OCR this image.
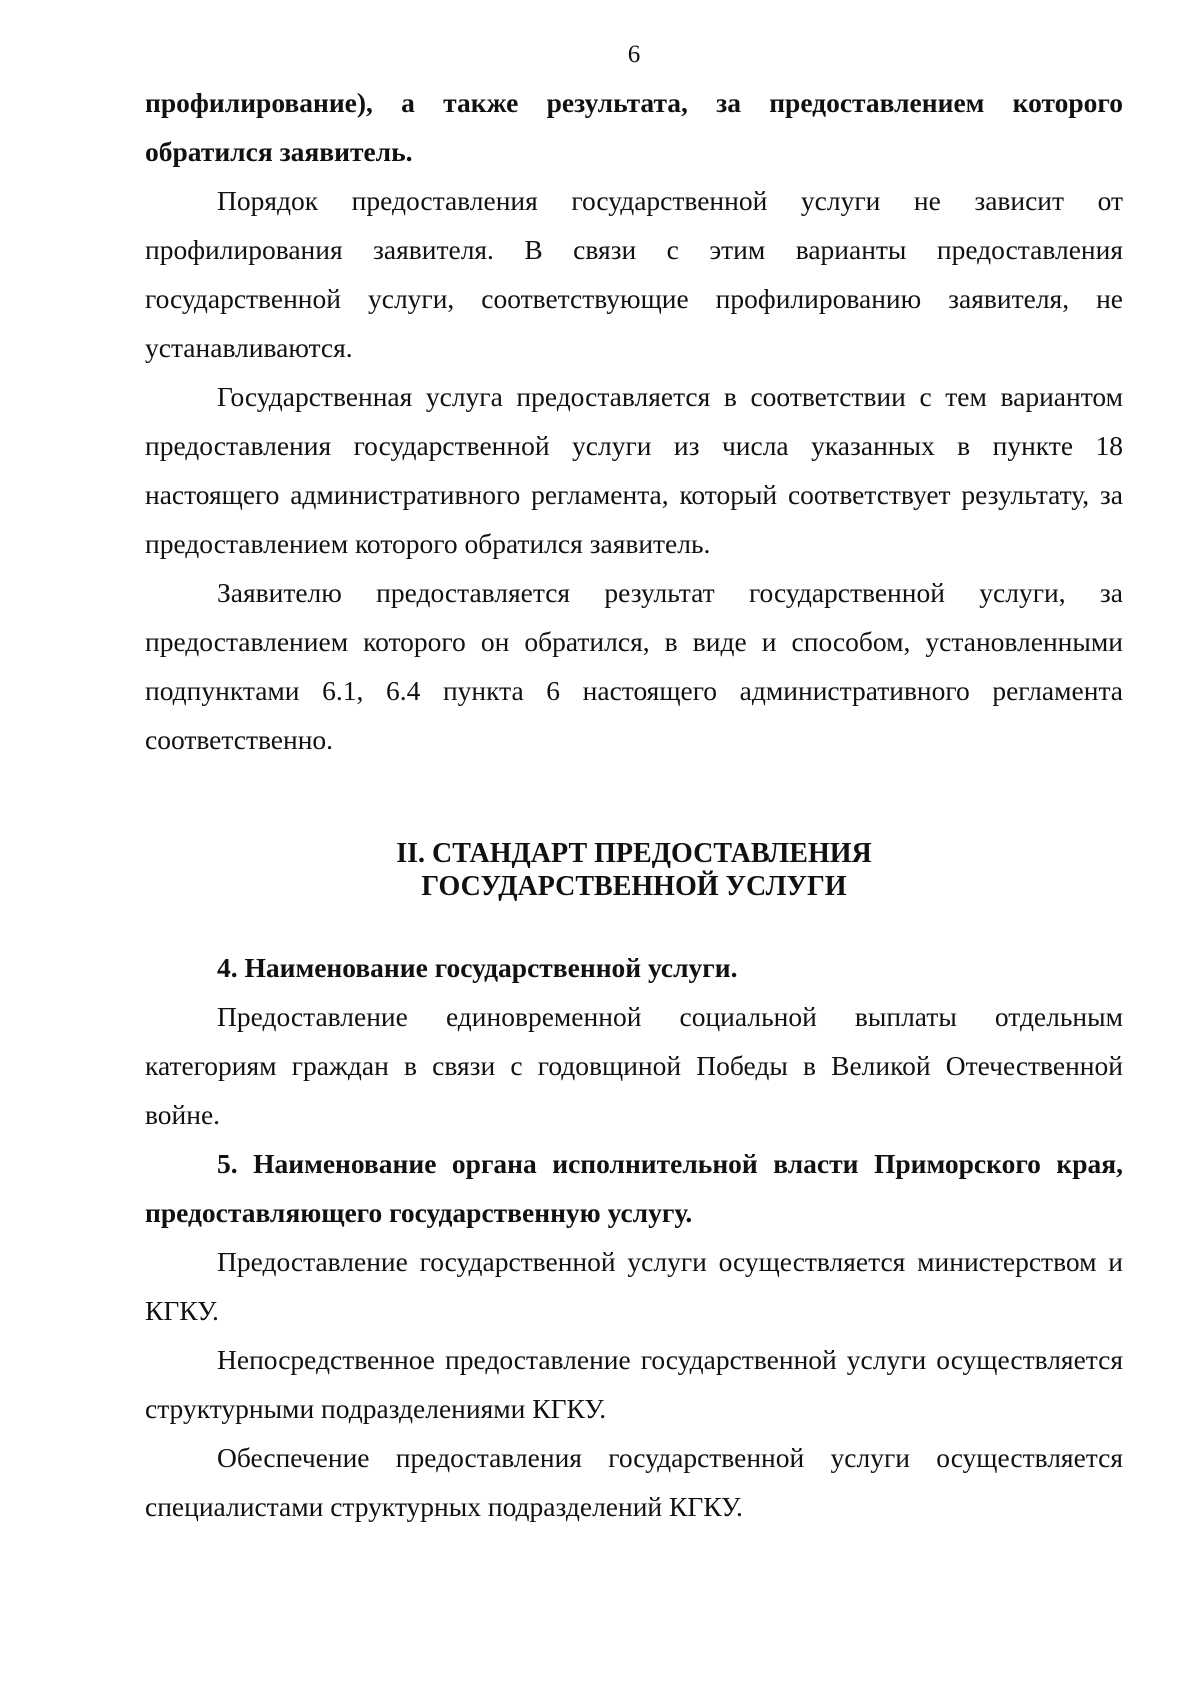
6

профилирование), а также результата, за предоставлением которого обратился заявитель.

Порядок предоставления государственной услуги не зависит от профилирования заявителя. В связи с этим варианты предоставления государственной услуги, соответствующие профилированию заявителя, не устанавливаются.

Государственная услуга предоставляется в соответствии с тем вариантом предоставления государственной услуги из числа указанных в пункте 18 настоящего административного регламента, который соответствует результату, за предоставлением которого обратился заявитель.

Заявителю предоставляется результат государственной услуги, за предоставлением которого он обратился, в виде и способом, установленными подпунктами 6.1, 6.4 пункта 6 настоящего административного регламента соответственно.

II. СТАНДАРТ ПРЕДОСТАВЛЕНИЯ
ГОСУДАРСТВЕННОЙ УСЛУГИ

4. Наименование государственной услуги.

Предоставление единовременной социальной выплаты отдельным категориям граждан в связи с годовщиной Победы в Великой Отечественной войне.

5. Наименование органа исполнительной власти Приморского края, предоставляющего государственную услугу.

Предоставление государственной услуги осуществляется министерством и КГКУ.

Непосредственное предоставление государственной услуги осуществляется структурными подразделениями КГКУ.

Обеспечение предоставления государственной услуги осуществляется специалистами структурных подразделений КГКУ.
